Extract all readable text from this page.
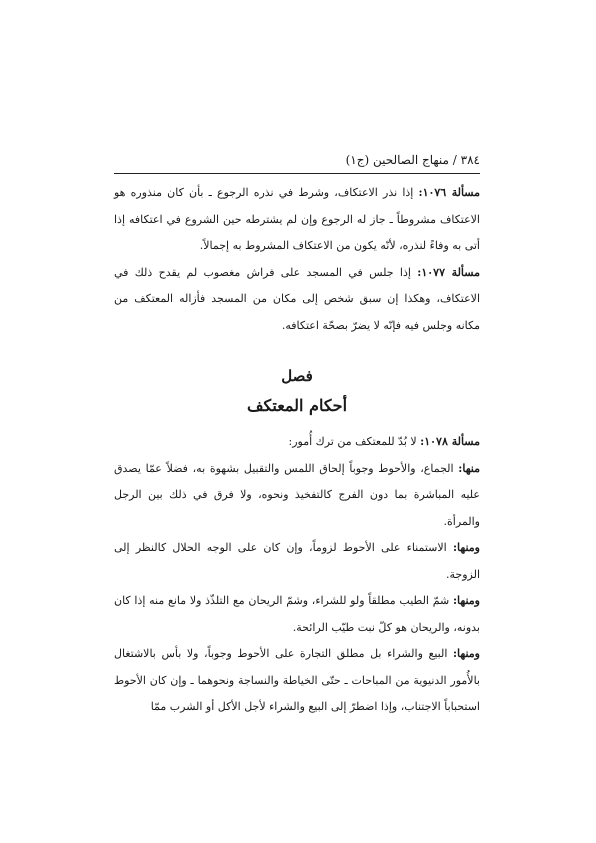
٣٨٤ / منهاج الصالحين (ج١)

مسألة ١٠٧٦: إذا نذر الاعتكاف، وشرط في نذره الرجوع ـ بأن كان منذوره هو الاعتكاف مشروطاً ـ جاز له الرجوع وإن لم يشترطه حين الشروع في اعتكافه إذا أتى به وفاءً لنذره، لأنّه يكون من الاعتكاف المشروط به إجمالاً.

مسألة ١٠٧٧: إذا جلس في المسجد على فراش مغصوب لم يقدح ذلك في الاعتكاف، وهكذا إن سبق شخص إلى مكان من المسجد فأزاله المعتكف من مكانه وجلس فيه فإنّه لا يضرّ بصحّة اعتكافه.

فصل
أحكام المعتكف

مسألة ١٠٧٨: لا بُدّ للمعتكف من ترك أُمور:

منها: الجماع، والأحوط وجوباً إلحاق اللمس والتقبيل بشهوة به، فضلاً عمّا يصدق عليه المباشرة بما دون الفرج كالتفخيذ ونحوه، ولا فرق في ذلك بين الرجل والمرأة.

ومنها: الاستمناء على الأحوط لزوماً، وإن كان على الوجه الحلال كالنظر إلى الزوجة.

ومنها: شمّ الطيب مطلقاً ولو للشراء، وشمّ الريحان مع التلذّذ ولا مانع منه إذا كان بدونه، والريحان هو كلّ نبت طيّب الرائحة.

ومنها: البيع والشراء بل مطلق التجارة على الأحوط وجوباً، ولا بأس بالاشتغال بالأُمور الدنيوية من المباحات ـ حتّى الخياطة والنساجة ونحوهما ـ وإن كان الأحوط استحباباً الاجتناب، وإذا اضطرّ إلى البيع والشراء لأجل الأكل أو الشرب ممّا
